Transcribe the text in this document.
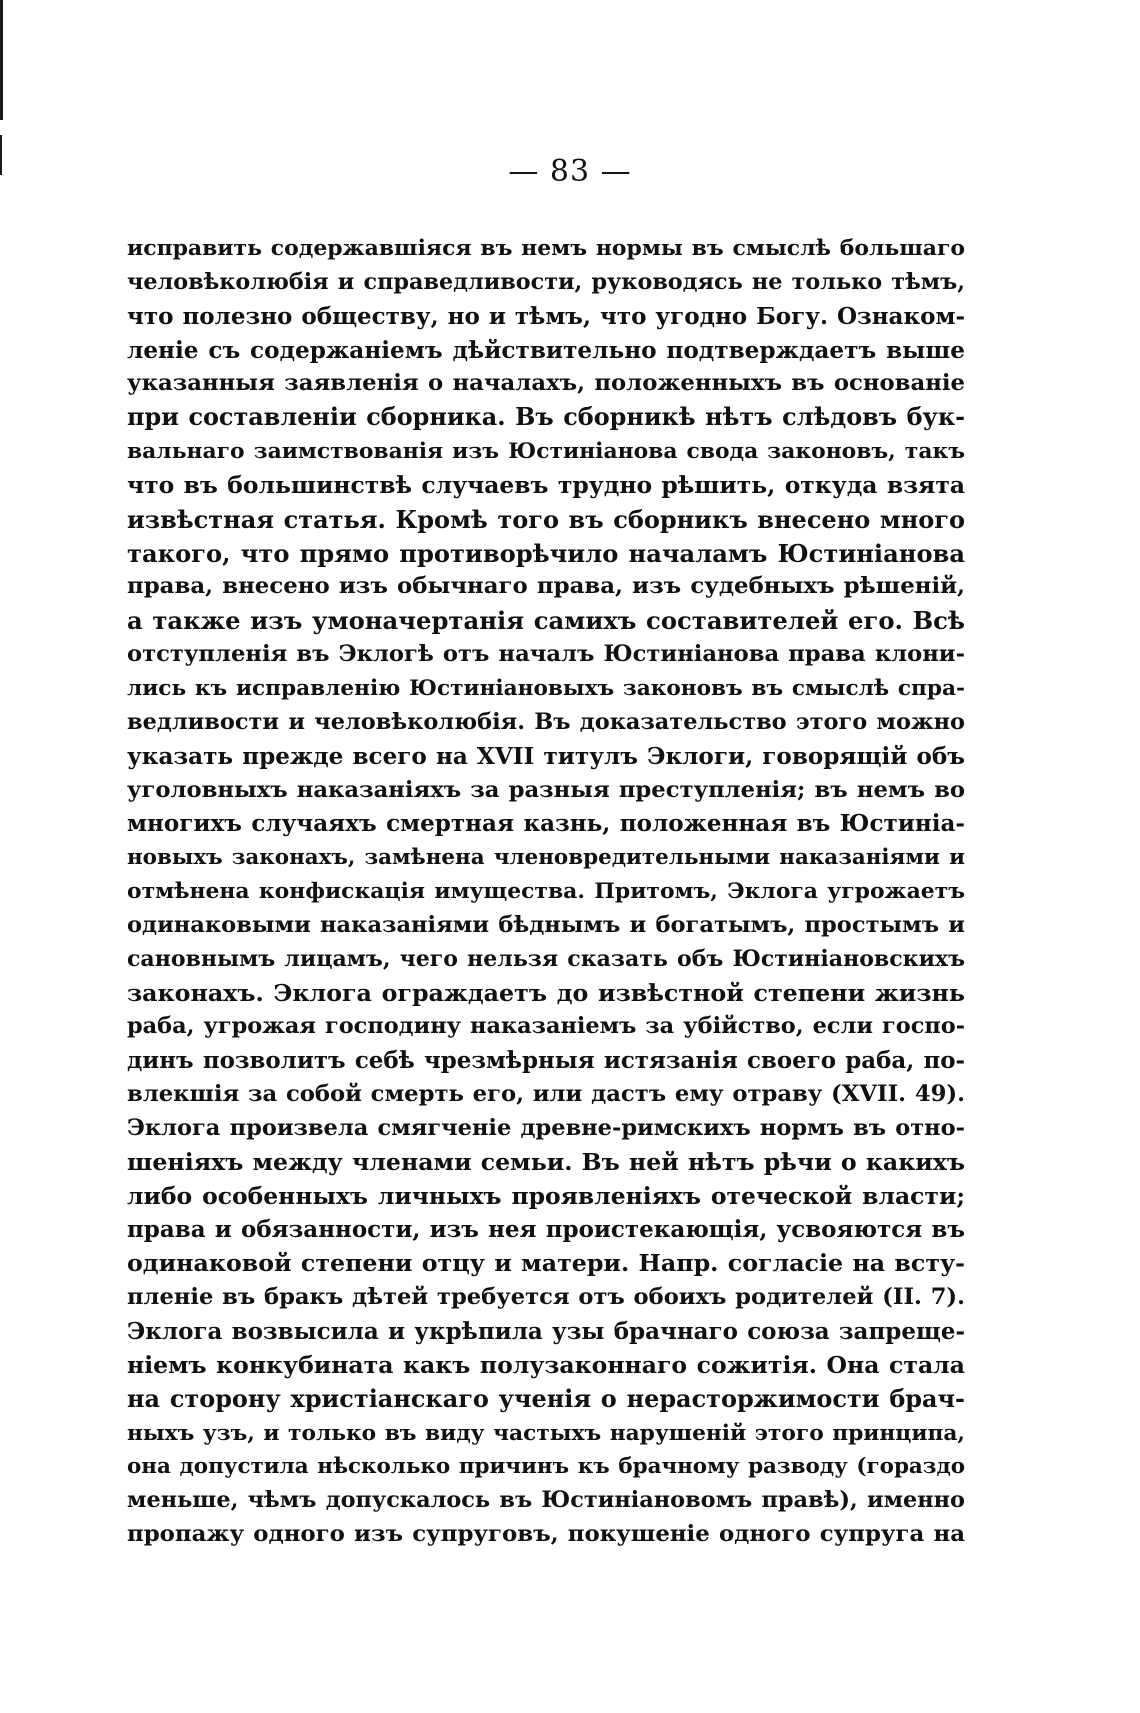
— 83 —
исправить содержавшіяся въ немъ нормы въ смыслѣ большаго
человѣколюбія и справедливости, руководясь не только тѣмъ,
что полезно обществу, но и тѣмъ, что угодно Богу. Ознаком-
леніе съ содержаніемъ дѣйствительно подтверждаетъ выше
указанныя заявленія о началахъ, положенныхъ въ основаніе
при составленіи сборника. Въ сборникѣ нѣтъ слѣдовъ бук-
вальнаго заимствованія изъ Юстиніанова свода законовъ, такъ
что въ большинствѣ случаевъ трудно рѣшить, откуда взята
извѣстная статья. Кромѣ того въ сборникъ внесено много
такого, что прямо противорѣчило началамъ Юстиніанова
права, внесено изъ обычнаго права, изъ судебныхъ рѣшеній,
а также изъ умоначертанія самихъ составителей его. Всѣ
отступленія въ Эклогѣ отъ началъ Юстиніанова права клони-
лись къ исправленію Юстиніановыхъ законовъ въ смыслѣ спра-
ведливости и человѣколюбія. Въ доказательство этого можно
указать прежде всего на XVII титулъ Эклоги, говорящій объ
уголовныхъ наказаніяхъ за разныя преступленія; въ немъ во
многихъ случаяхъ смертная казнь, положенная въ Юстиніа-
новыхъ законахъ, замѣнена членовредительными наказаніями и
отмѣнена конфискація имущества. Притомъ, Эклога угрожаетъ
одинаковыми наказаніями бѣднымъ и богатымъ, простымъ и
сановнымъ лицамъ, чего нельзя сказать объ Юстиніановскихъ
законахъ. Эклога ограждаетъ до извѣстной степени жизнь
раба, угрожая господину наказаніемъ за убійство, если госпо-
динъ позволитъ себѣ чрезмѣрныя истязанія своего раба, по-
влекшія за собой смерть его, или дастъ ему отраву (XVII. 49).
Эклога произвела смягченіе древне-римскихъ нормъ въ отно-
шеніяхъ между членами семьи. Въ ней нѣтъ рѣчи о какихъ
либо особенныхъ личныхъ проявленіяхъ отеческой власти;
права и обязанности, изъ нея проистекающія, усвояются въ
одинаковой степени отцу и матери. Напр. согласіе на всту-
пленіе въ бракъ дѣтей требуется отъ обоихъ родителей (II. 7).
Эклога возвысила и укрѣпила узы брачнаго союза запреще-
ніемъ конкубината какъ полузаконнаго сожитія. Она стала
на сторону христіанскаго ученія о нерасторжимости брач-
ныхъ узъ, и только въ виду частыхъ нарушеній этого принципа,
она допустила нѣсколько причинъ къ брачному разводу (гораздо
меньше, чѣмъ допускалось въ Юстиніановомъ правѣ), именно
пропажу одного изъ супруговъ, покушеніе одного супруга на
